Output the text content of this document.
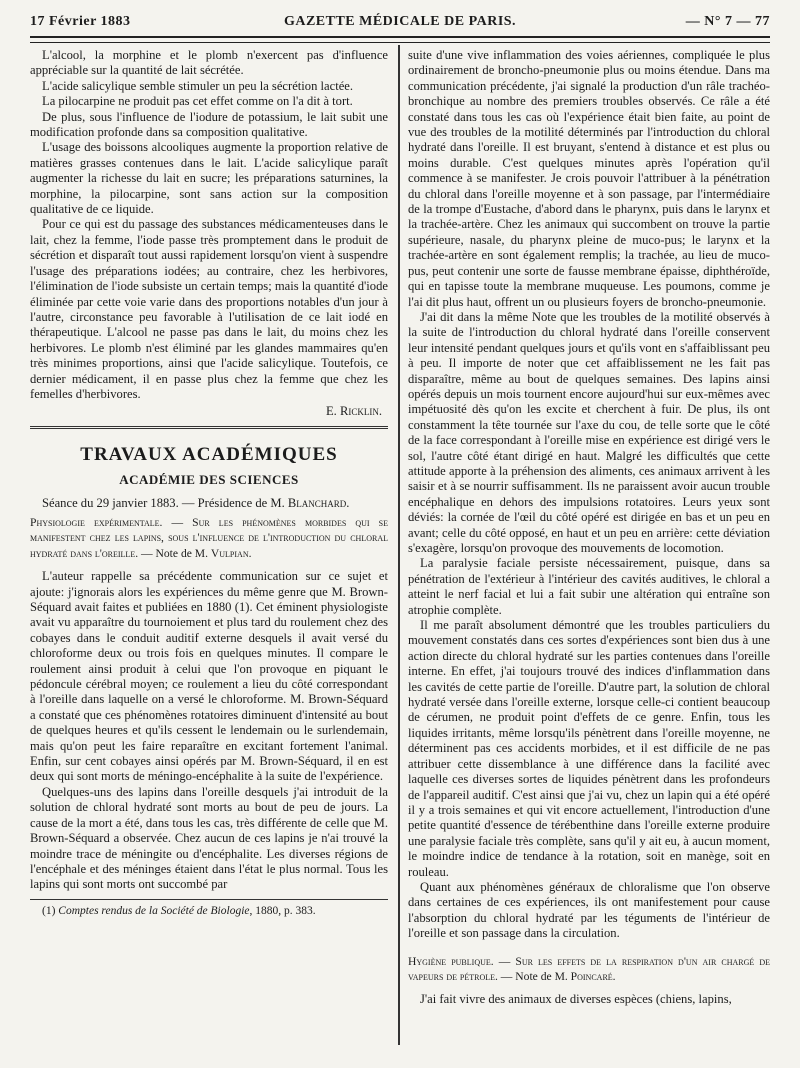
17 Février 1883	GAZETTE MÉDICALE DE PARIS.	— N° 7 — 77

L'alcool, la morphine et le plomb n'exercent pas d'influence appréciable sur la quantité de lait sécrétée.

L'acide salicylique semble stimuler un peu la sécrétion lactée.

La pilocarpine ne produit pas cet effet comme on l'a dit à tort.

De plus, sous l'influence de l'iodure de potassium, le lait subit une modification profonde dans sa composition qualitative.

L'usage des boissons alcooliques augmente la proportion relative de matières grasses contenues dans le lait. L'acide salicylique paraît augmenter la richesse du lait en sucre; les préparations saturnines, la morphine, la pilocarpine, sont sans action sur la composition qualitative de ce liquide.

Pour ce qui est du passage des substances médicamenteuses dans le lait, chez la femme, l'iode passe très promptement dans le produit de sécrétion et disparaît tout aussi rapidement lorsqu'on vient à suspendre l'usage des préparations iodées; au contraire, chez les herbivores, l'élimination de l'iode subsiste un certain temps; mais la quantité d'iode éliminée par cette voie varie dans des proportions notables d'un jour à l'autre, circonstance peu favorable à l'utilisation de ce lait iodé en thérapeutique. L'alcool ne passe pas dans le lait, du moins chez les herbivores. Le plomb n'est éliminé par les glandes mammaires qu'en très minimes proportions, ainsi que l'acide salicylique. Toutefois, ce dernier médicament, il en passe plus chez la femme que chez les femelles d'herbivores.

E. Ricklin.

TRAVAUX ACADÉMIQUES
ACADÉMIE DES SCIENCES

Séance du 29 janvier 1883. — Présidence de M. Blanchard.

Physiologie expérimentale. — Sur les phénomènes morbides qui se manifestent chez les lapins, sous l'influence de l'introduction du chloral hydraté dans l'oreille. — Note de M. Vulpian.

L'auteur rappelle sa précédente communication sur ce sujet et ajoute: j'ignorais alors les expériences du même genre que M. Brown-Séquard avait faites et publiées en 1880 (1). Cet éminent physiologiste avait vu apparaître du tournoiement et plus tard du roulement chez des cobayes dans le conduit auditif externe desquels il avait versé du chloroforme deux ou trois fois en quelques minutes. Il compare le roulement ainsi produit à celui que l'on provoque en piquant le pédoncule cérébral moyen; ce roulement a lieu du côté correspondant à l'oreille dans laquelle on a versé le chloroforme. M. Brown-Séquard a constaté que ces phénomènes rotatoires diminuent d'intensité au bout de quelques heures et qu'ils cessent le lendemain ou le surlendemain, mais qu'on peut les faire reparaître en excitant fortement l'animal. Enfin, sur cent cobayes ainsi opérés par M. Brown-Séquard, il en est deux qui sont morts de méningo-encéphalite à la suite de l'expérience.

Quelques-uns des lapins dans l'oreille desquels j'ai introduit de la solution de chloral hydraté sont morts au bout de peu de jours. La cause de la mort a été, dans tous les cas, très différente de celle que M. Brown-Séquard a observée. Chez aucun de ces lapins je n'ai trouvé la moindre trace de méningite ou d'encéphalite. Les diverses régions de l'encéphale et des méninges étaient dans l'état le plus normal. Tous les lapins qui sont morts ont succombé par

(1) Comptes rendus de la Société de Biologie, 1880, p. 383.

suite d'une vive inflammation des voies aériennes, compliquée le plus ordinairement de broncho-pneumonie plus ou moins étendue. Dans ma communication précédente, j'ai signalé la production d'un râle trachéo-bronchique au nombre des premiers troubles observés. Ce râle a été constaté dans tous les cas où l'expérience était bien faite, au point de vue des troubles de la motilité déterminés par l'introduction du chloral hydraté dans l'oreille. Il est bruyant, s'entend à distance et est plus ou moins durable. C'est quelques minutes après l'opération qu'il commence à se manifester. Je crois pouvoir l'attribuer à la pénétration du chloral dans l'oreille moyenne et à son passage, par l'intermédiaire de la trompe d'Eustache, d'abord dans le pharynx, puis dans le larynx et la trachée-artère. Chez les animaux qui succombent on trouve la partie supérieure, nasale, du pharynx pleine de muco-pus; le larynx et la trachée-artère en sont également remplis; la trachée, au lieu de muco-pus, peut contenir une sorte de fausse membrane épaisse, diphthéroïde, qui en tapisse toute la membrane muqueuse. Les poumons, comme je l'ai dit plus haut, offrent un ou plusieurs foyers de broncho-pneumonie.

J'ai dit dans la même Note que les troubles de la motilité observés à la suite de l'introduction du chloral hydraté dans l'oreille conservent leur intensité pendant quelques jours et qu'ils vont en s'affaiblissant peu à peu. Il importe de noter que cet affaiblissement ne les fait pas disparaître, même au bout de quelques semaines. Des lapins ainsi opérés depuis un mois tournent encore aujourd'hui sur eux-mêmes avec impétuosité dès qu'on les excite et cherchent à fuir. De plus, ils ont constamment la tête tournée sur l'axe du cou, de telle sorte que le côté de la face correspondant à l'oreille mise en expérience est dirigé vers le sol, l'autre côté étant dirigé en haut. Malgré les difficultés que cette attitude apporte à la préhension des aliments, ces animaux arrivent à les saisir et à se nourrir suffisamment. Ils ne paraissent avoir aucun trouble encéphalique en dehors des impulsions rotatoires. Leurs yeux sont déviés: la cornée de l'œil du côté opéré est dirigée en bas et un peu en avant; celle du côté opposé, en haut et un peu en arrière: cette déviation s'exagère, lorsqu'on provoque des mouvements de locomotion.

La paralysie faciale persiste nécessairement, puisque, dans sa pénétration de l'extérieur à l'intérieur des cavités auditives, le chloral a atteint le nerf facial et lui a fait subir une altération qui entraîne son atrophie complète.

Il me paraît absolument démontré que les troubles particuliers du mouvement constatés dans ces sortes d'expériences sont bien dus à une action directe du chloral hydraté sur les parties contenues dans l'oreille interne. En effet, j'ai toujours trouvé des indices d'inflammation dans les cavités de cette partie de l'oreille. D'autre part, la solution de chloral hydraté versée dans l'oreille externe, lorsque celle-ci contient beaucoup de cérumen, ne produit point d'effets de ce genre. Enfin, tous les liquides irritants, même lorsqu'ils pénètrent dans l'oreille moyenne, ne déterminent pas ces accidents morbides, et il est difficile de ne pas attribuer cette dissemblance à une différence dans la facilité avec laquelle ces diverses sortes de liquides pénètrent dans les profondeurs de l'appareil auditif. C'est ainsi que j'ai vu, chez un lapin qui a été opéré il y a trois semaines et qui vit encore actuellement, l'introduction d'une petite quantité d'essence de térébenthine dans l'oreille externe produire une paralysie faciale très complète, sans qu'il y ait eu, à aucun moment, le moindre indice de tendance à la rotation, soit en manège, soit en rouleau.

Quant aux phénomènes généraux de chloralisme que l'on observe dans certaines de ces expériences, ils ont manifestement pour cause l'absorption du chloral hydraté par les téguments de l'intérieur de l'oreille et son passage dans la circulation.

Hygiène publique. — Sur les effets de la respiration d'un air chargé de vapeurs de pétrole. — Note de M. Poincaré.

J'ai fait vivre des animaux de diverses espèces (chiens, lapins,
